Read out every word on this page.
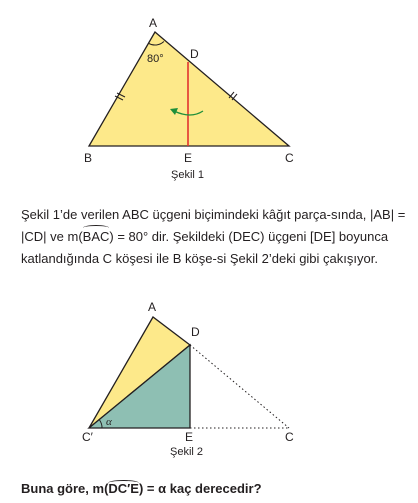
A
B	C
D
E
80°
Şekil 1

Şekil 1’de verilen ABC üçgeni biçimindeki kâğıt parça-sında, |AB| = |CD| ve m(BAC) = 80° dir. Şekildeki (DEC) üçgeni [DE] boyunca katlandığında C köşesi ile B köşe-si Şekil 2’deki gibi çakışıyor.

A
C′	C
D
E
α
Şekil 2

Buna göre, m(DC′E) = α kaç derecedir?
